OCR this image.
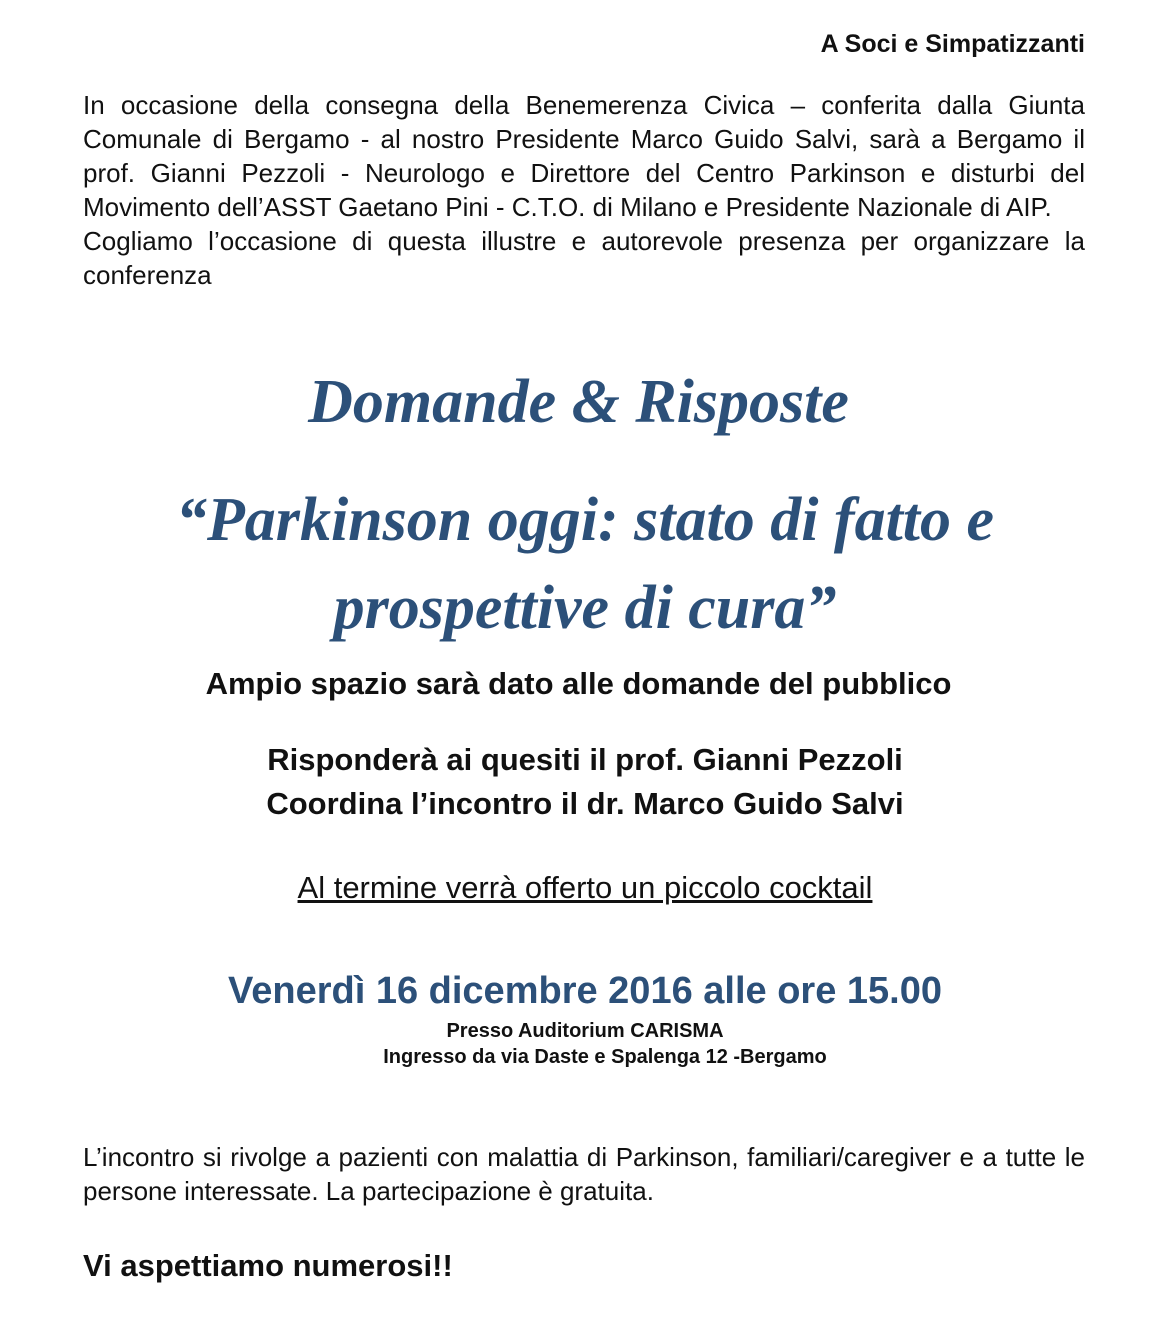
A Soci e Simpatizzanti

In occasione della consegna della Benemerenza Civica – conferita dalla Giunta Comunale di Bergamo - al nostro Presidente Marco Guido Salvi, sarà a Bergamo il prof. Gianni Pezzoli - Neurologo e Direttore del Centro Parkinson e disturbi del Movimento dell’ASST Gaetano Pini - C.T.O. di Milano e Presidente Nazionale di AIP.

Cogliamo l’occasione di questa illustre e autorevole presenza per organizzare la conferenza

Domande & Risposte
“Parkinson oggi: stato di fatto e prospettive di cura”

Ampio spazio sarà dato alle domande del pubblico

Risponderà ai quesiti il prof. Gianni Pezzoli

Coordina l’incontro il dr. Marco Guido Salvi

Al termine verrà offerto un piccolo cocktail

Venerdì 16 dicembre 2016 alle ore 15.00

Presso Auditorium CARISMA

Ingresso da via Daste e Spalenga 12 -Bergamo

L’incontro si rivolge a pazienti con malattia di Parkinson, familiari/caregiver e a tutte le persone interessate. La partecipazione è gratuita.

Vi aspettiamo numerosi!!
